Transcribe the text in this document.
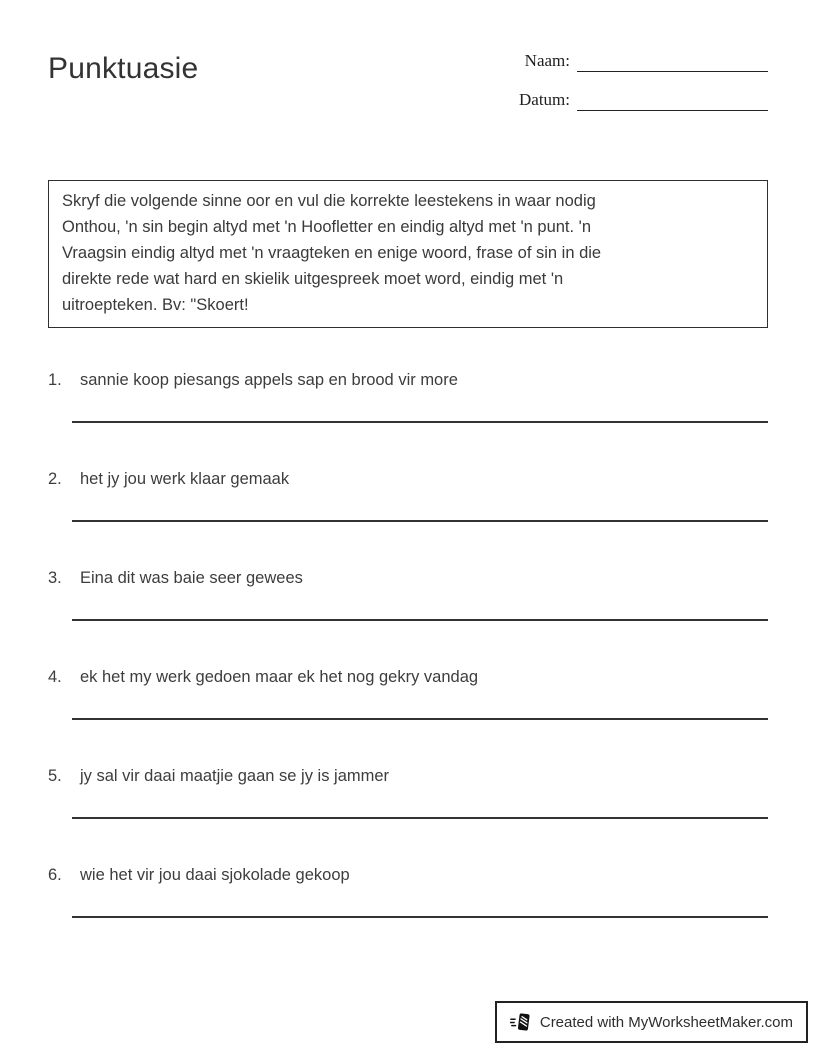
Punktuasie	Naam:
Datum:
Skryf die volgende sinne oor en vul die korrekte leestekens in waar nodig
Onthou, 'n sin begin altyd met 'n Hoofletter en eindig altyd met 'n punt. 'n
Vraagsin eindig altyd met 'n vraagteken en enige woord, frase of sin in die
direkte rede wat hard en skielik uitgespreek moet word, eindig met 'n
uitroepteken. Bv: "Skoert!
1.	sannie koop piesangs appels sap en brood vir more
2.	het jy jou werk klaar gemaak
3.	Eina dit was baie seer gewees
4.	ek het my werk gedoen maar ek het nog gekry vandag
5.	jy sal vir daai maatjie gaan se jy is jammer
6.	wie het vir jou daai sjokolade gekoop
Created with MyWorksheetMaker.com
